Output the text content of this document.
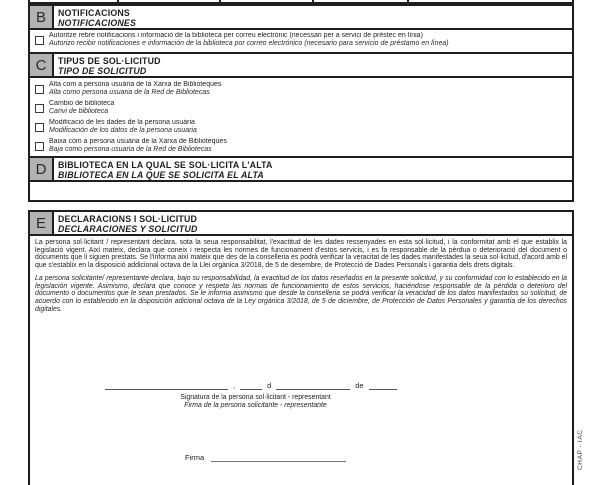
B	NOTIFICACIONS
NOTIFICACIONES
Autoritze rebre notificacions i informació de la biblioteca per correu electrònic (necessari per a servici de préstec en línia)
Autorizo recibir notificaciones e información de la biblioteca por correo electrónico (necesario para servicio de préstamo en línea)
C	TIPUS DE SOL·LICITUD
TIPO DE SOLICITUD
Alta com a persona usuària de la Xarxa de Biblioteques
Alta como persona usuaria de la Red de Bibliotecas
Cambio de biblioteca
Canvi de biblioteca
Modificació de les dades de la persona usuària
Modificación de los datos de la persona usuaria
Baixa com a persona usuària de la Xarxa de Biblioteques
Baja como persona usuaria de la Red de Bibliotecas
D	BIBLIOTECA EN LA QUAL SE SOL·LICITA L'ALTA
BIBLIOTECA EN LA QUE SE SOLICITA EL ALTA
E	DECLARACIONS I SOL·LICITUD
DECLARACIONES Y SOLICITUD

La persona sol·licitant / representant declara, sota la seua responsabilitat, l'exactitud de les dades ressenyades en esta sol·licitud, i la conformitat amb el que establix la legislació vigent. Així mateix, declara que coneix i respecta les normes de funcionament d'estos servicis, i es fa responsable de la pèrdua o deterioració del document o documents que li siguen prestats. Se l'informa així mateix que des de la conselleria es podrà verificar la veracitat de les dades manifestades la seua sol·licitud, d'acord amb el que s'establix en la disposició addicional octava de la Llei orgànica 3/2018, de 5 de desembre, de Protecció de Dades Personals i garantia dels drets digitals.

La persona solicitante/ representante declara, bajo su responsabilidad, la exactitud de los datos reseñados en la presente solicitud, y su conformidad con lo establecido en la legislación vigente. Asimismo, declara que conoce y respeta las normas de funcionamiento de estos servicios, haciéndose responsable de la pérdida o deterioro del documento o documentos que le sean prestados. Se le informa asimismo que desde la conselleria se podrá verificar la veracidad de los datos manifestados su solicitud, de acuerdo con lo establecido en la disposición adicional octava de la Ley orgánica 3/2018, de 5 de diciembre, de Protección de Datos Personales y garantía de los derechos digitales.

,	d	de
Signatura de la persona sol·licitant - representant
Firma de la persona solicitante - representante
Firma	CHAP - IAC
